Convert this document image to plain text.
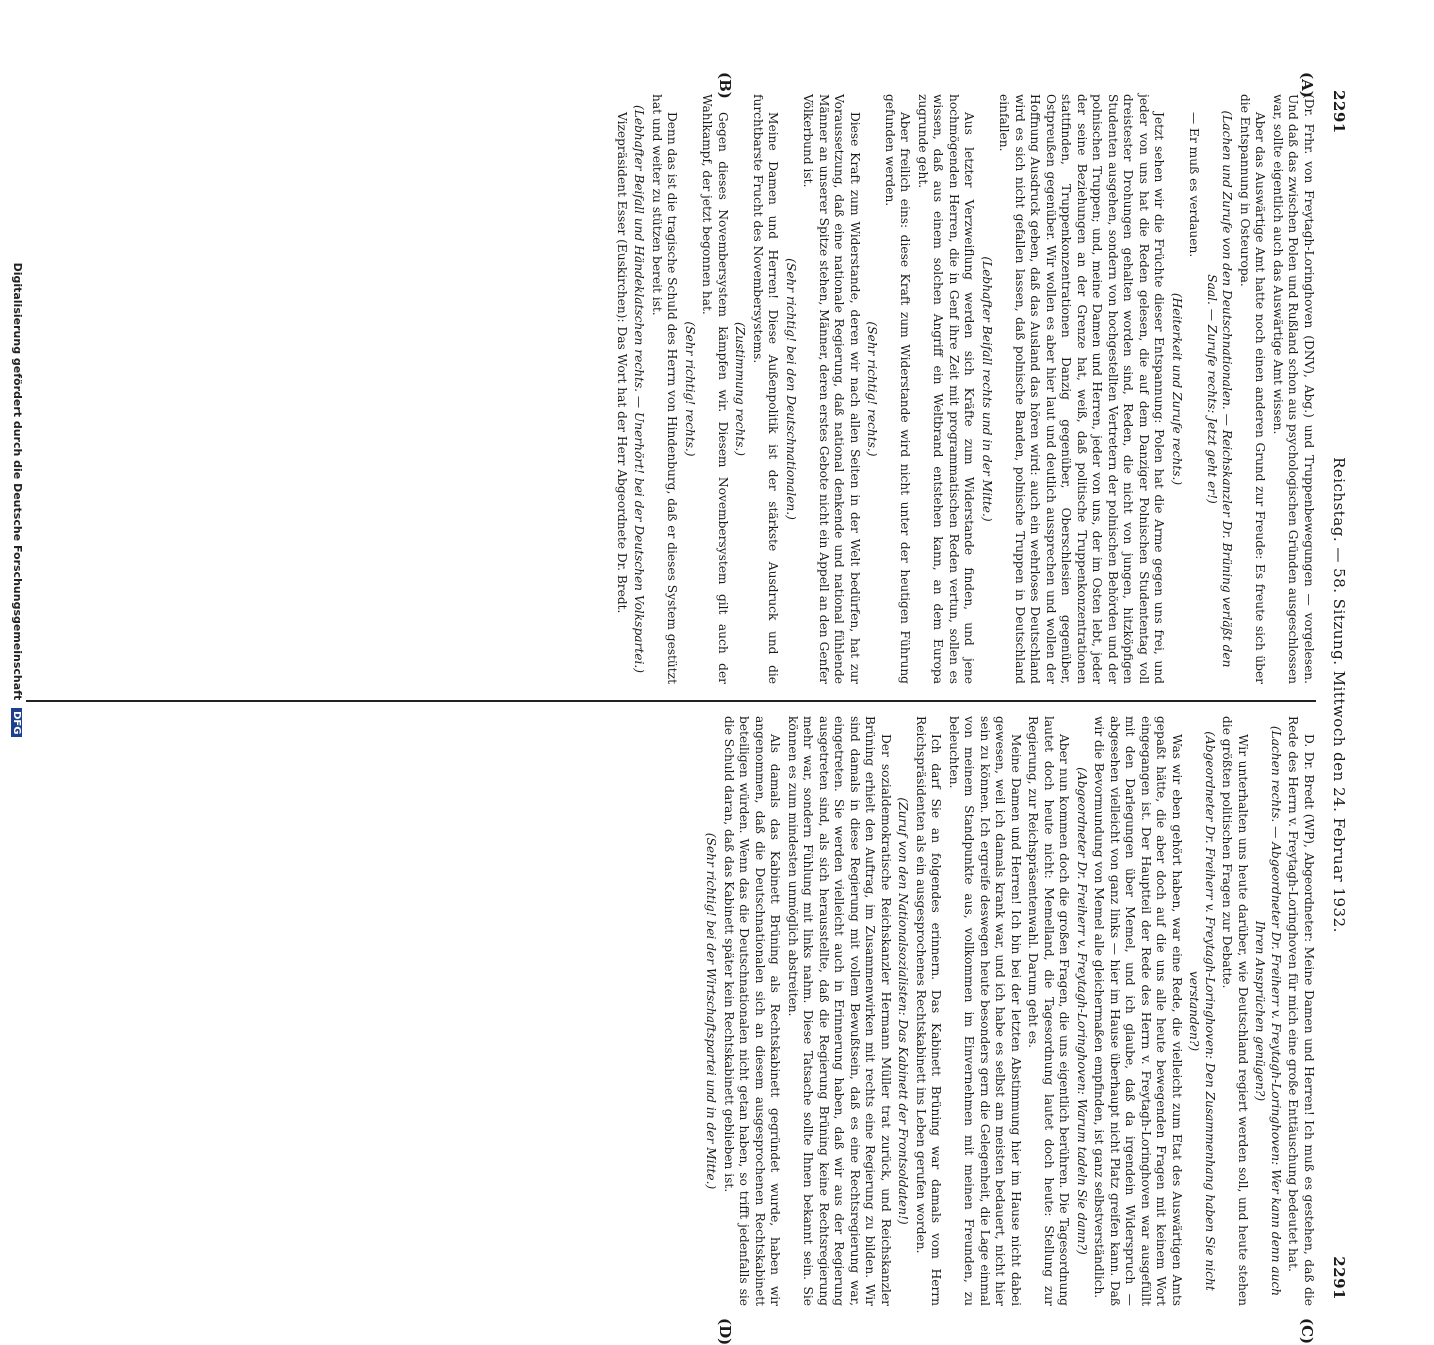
2291
Reichstag. — 58. Sitzung. Mittwoch den 24. Februar 1932.
2291
(A)
(B)
(C)
(D)

(Dr. Frhr. von Freytagh-Loringhoven (DNV), Abg.) und Truppenbewegungen — vorgelesen. Und daß das zwischen Polen und Rußland schon aus psychologischen Gründen ausgeschlossen war, sollte eigentlich auch das Auswärtige Amt wissen.

Aber das Auswärtige Amt hatte noch einen anderen Grund zur Freude: Es freute sich über die Entspannung in Osteuropa.

(Lachen und Zurufe von den Deutschnationalen. — Reichskanzler Dr. Brüning verläßt den Saal. — Zurufe rechts: Jetzt geht er!)

— Er muß es verdauen.

(Heiterkeit und Zurufe rechts.)

Jetzt sehen wir die Früchte dieser Entspannung: Polen hat die Arme gegen uns frei, und jeder von uns hat die Reden gelesen, die auf dem Danziger Polnischen Studententag voll dreistester Drohungen gehalten worden sind, Reden, die nicht von jungen, hitzköpfigen Studenten ausgehen, sondern von hochgestellten Vertretern der polnischen Behörden und der polnischen Truppen; und, meine Damen und Herren, jeder von uns, der im Osten lebt, jeder der seine Beziehungen an der Grenze hat, weiß, daß politische Truppenkonzentrationen stattfinden, Truppenkonzentrationen Danzig gegenüber, Oberschlesien gegenüber, Ostpreußen gegenüber. Wir wollen es aber hier laut und deutlich aussprechen und wollen der Hoffnung Ausdruck geben, daß das Ausland das hören wird: auch ein wehrloses Deutschland wird es sich nicht gefallen lassen, daß polnische Banden, polnische Truppen in Deutschland einfallen.

(Lebhafter Beifall rechts und in der Mitte.)

Aus letzter Verzweiflung werden sich Kräfte zum Widerstande finden, und jene hochmögenden Herren, die in Genf ihre Zeit mit programmatischen Reden vertun, sollen es wissen, daß aus einem solchen Angriff ein Weltbrand entstehen kann, an dem Europa zugrunde geht.

Aber freilich eins: diese Kraft zum Widerstande wird nicht unter der heutigen Führung gefunden werden.

(Sehr richtig! rechts.)

Diese Kraft zum Widerstande, deren wir nach allen Seiten in der Welt bedürfen, hat zur Voraussetzung, daß eine nationale Regierung, daß national denkende und national fühlende Männer an unserer Spitze stehen, Männer, deren erstes Gebote nicht ein Appell an den Genfer Völkerbund ist.

(Sehr richtig! bei den Deutschnationalen.)

Meine Damen und Herren! Diese Außenpolitik ist der stärkste Ausdruck und die furchtbarste Frucht des Novembersystems.

(Zustimmung rechts.)

Gegen dieses Novembersystem kämpfen wir. Diesem Novembersystem gilt auch der Wahlkampf, der jetzt begonnen hat.

(Sehr richtig! rechts.)

Denn das ist die tragische Schuld des Herrn von Hindenburg, daß er dieses System gestützt hat und weiter zu stützen bereit ist.

(Lebhafter Beifall und Händeklatschen rechts. — Unerhört! bei der Deutschen Volkspartei.)

Vizepräsident Esser (Euskirchen): Das Wort hat der Herr Abgeordnete Dr. Bredt.

D. Dr. Bredt (WP), Abgeordneter: Meine Damen und Herren! Ich muß es gestehen, daß die Rede des Herrn v. Freytagh-Loringhoven für mich eine große Enttäuschung bedeutet hat.

(Lachen rechts. — Abgeordneter Dr. Freiherr v. Freytagh-Loringhoven: Wer kann denn auch Ihren Ansprüchen genügen?)

Wir unterhalten uns heute darüber, wie Deutschland regiert werden soll, und heute stehen die größten politischen Fragen zur Debatte.

(Abgeordneter Dr. Freiherr v. Freytagh-Loringhoven: Den Zusammenhang haben Sie nicht verstanden?)

Was wir eben gehört haben, war eine Rede, die vielleicht zum Etat des Auswärtigen Amts gepaßt hätte, die aber doch auf die uns alle heute bewegenden Fragen mit keinem Wort eingegangen ist. Der Hauptteil der Rede des Herrn v. Freytagh-Loringhoven war ausgefüllt mit den Darlegungen über Memel, und ich glaube, daß da irgendein Widerspruch — abgesehen vielleicht von ganz links — hier im Hause überhaupt nicht Platz greifen kann. Daß wir die Bevormundung von Memel alle gleichermaßen empfinden, ist ganz selbstverständlich.

(Abgeordneter Dr. Freiherr v. Freytagh-Loringhoven: Warum tadeln Sie dann?)

Aber nun kommen doch die großen Fragen, die uns eigentlich berühren. Die Tagesordnung lautet doch heute nicht: Memelland, die Tagesordnung lautet doch heute: Stellung zur Regierung, zur Reichspräsentenwahl. Darum geht es.

Meine Damen und Herren! Ich bin bei der letzten Abstimmung hier im Hause nicht dabei gewesen, weil ich damals krank war, und ich habe es selbst am meisten bedauert, nicht hier sein zu können. Ich ergreife deswegen heute besonders gern die Gelegenheit, die Lage einmal von meinem Standpunkte aus, vollkommen im Einvernehmen mit meinen Freunden, zu beleuchten.

Ich darf Sie an folgendes erinnern. Das Kabinett Brüning war damals vom Herrn Reichspräsidenten als ein ausgesprochenes Rechtskabinett ins Leben gerufen worden.

(Zuruf von den Nationalsozialisten: Das Kabinett der Frontsoldaten!)

Der sozialdemokratische Reichskanzler Hermann Müller trat zurück, und Reichskanzler Brüning erhielt den Auftrag, im Zusammenwirken mit rechts eine Regierung zu bilden. Wir sind damals in diese Regierung mit vollem Bewußtsein, daß es eine Rechtsregierung war, eingetreten. Sie werden vielleicht auch in Erinnerung haben, daß wir aus der Regierung ausgetreten sind, als sich herausstellte, daß die Regierung Brüning keine Rechtsregierung mehr war, sondern Fühlung mit links nahm. Diese Tatsache sollte Ihnen bekannt sein. Sie können es zum mindesten unmöglich abstreiten.

Als damals das Kabinett Brüning als Rechtskabinett gegründet wurde, haben wir angenommen, daß die Deutschnationalen sich an diesem ausgesprochenen Rechtskabinett beteiligen würden. Wenn das die Deutschnationalen nicht getan haben, so trifft jedenfalls sie die Schuld daran, daß das Kabinett später kein Rechtskabinett geblieben ist.

(Sehr richtig! bei der Wirtschaftspartei und in der Mitte.)

Digitalisierung gefördert durch die Deutsche Forschungsgemeinschaft DFG
